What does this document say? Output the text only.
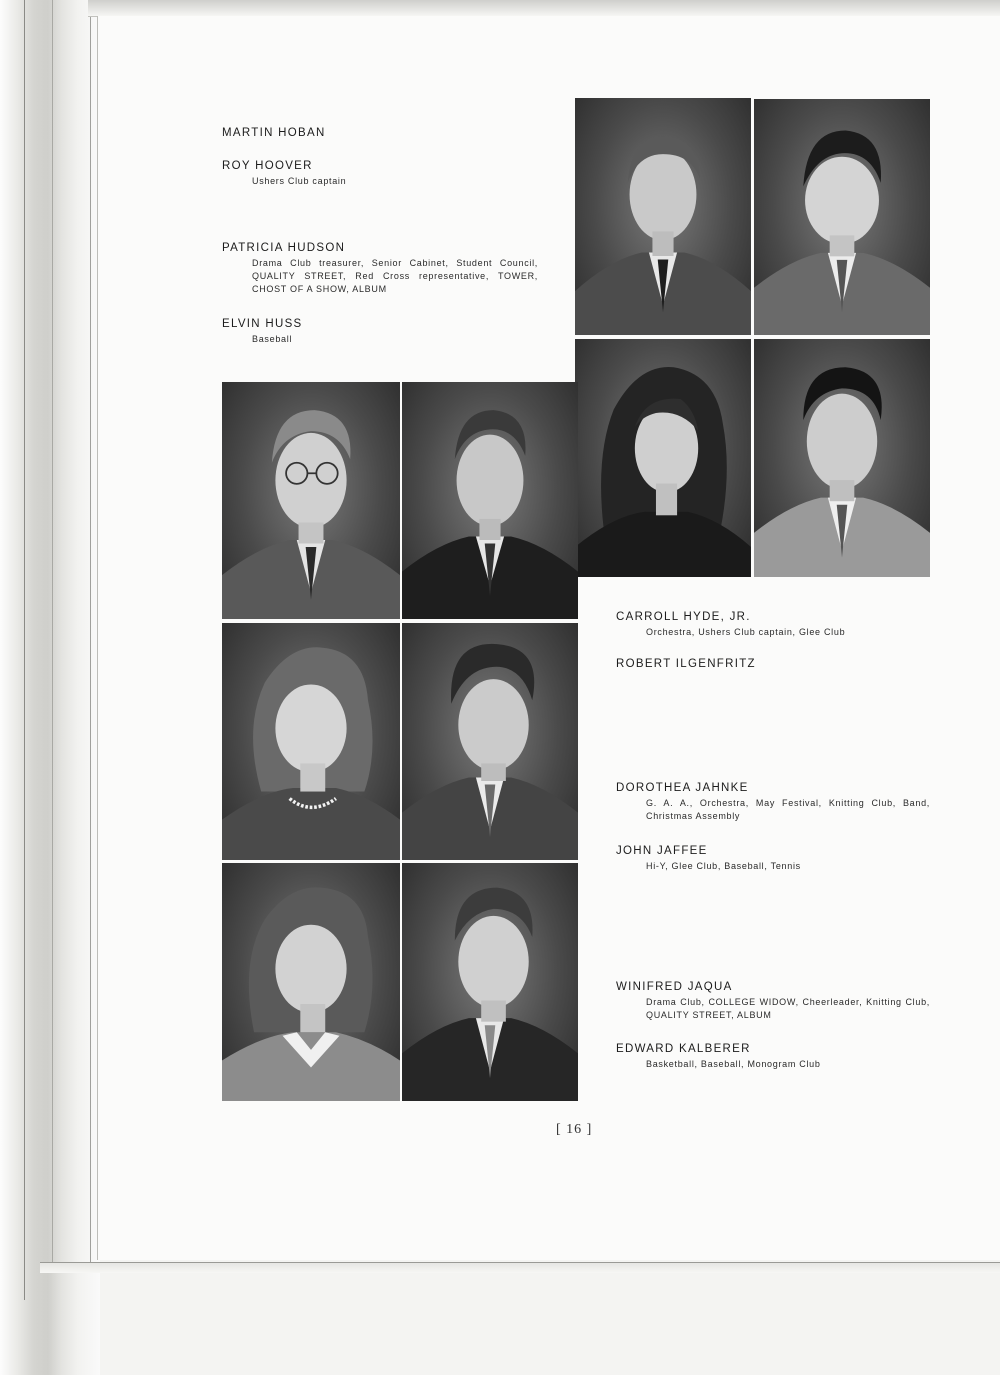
MARTIN HOBAN
ROY HOOVER
Ushers Club captain
PATRICIA HUDSON
Drama Club treasurer, Senior Cabinet, Student Council, QUALITY STREET, Red Cross representative, TOWER, CHOST OF A SHOW, ALBUM
ELVIN HUSS
Baseball
CARROLL HYDE, JR.
Orchestra, Ushers Club captain, Glee Club
ROBERT ILGENFRITZ
DOROTHEA JAHNKE
G. A. A., Orchestra, May Festival, Knitting Club, Band, Christmas Assembly
JOHN JAFFEE
Hi-Y, Glee Club, Baseball, Tennis
WINIFRED JAQUA
Drama Club, COLLEGE WIDOW, Cheerleader, Knitting Club, QUALITY STREET, ALBUM
EDWARD KALBERER
Basketball, Baseball, Monogram Club
[ 16 ]
